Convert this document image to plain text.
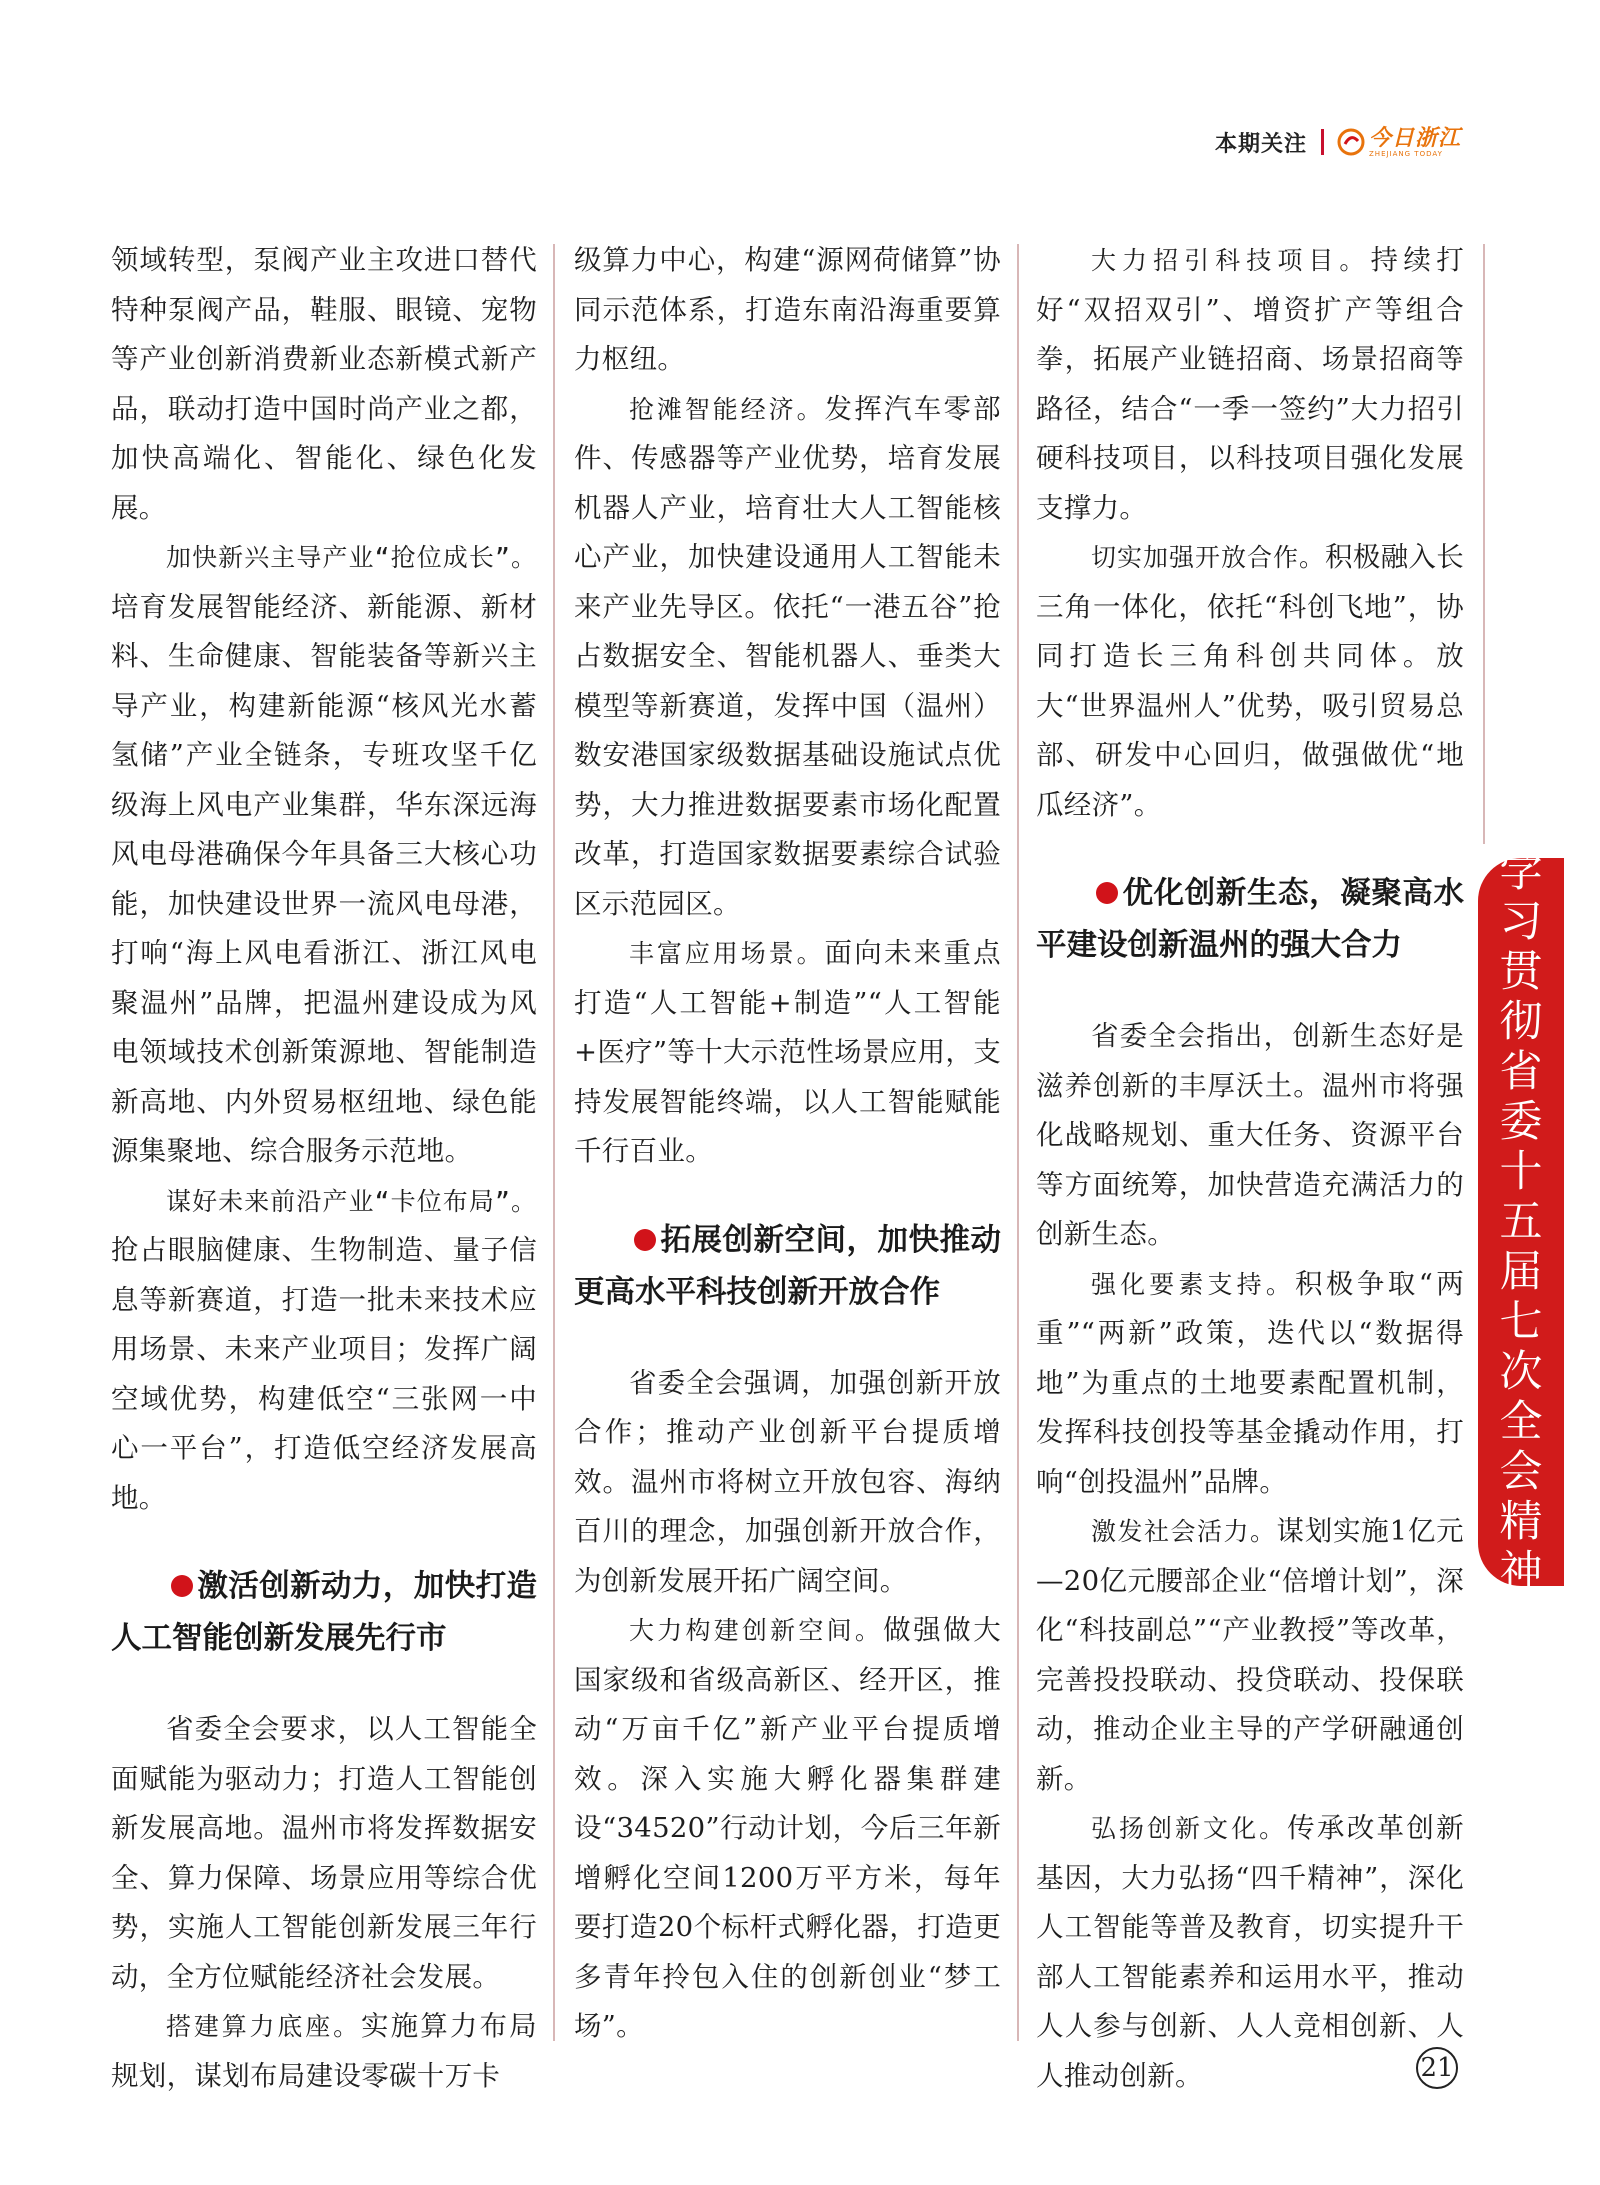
本期关注	今日浙江
ZHEJIANG TODAY

领域转型，泵阀产业主攻进口替代特种泵阀产品，鞋服、眼镜、宠物等产业创新消费新业态新模式新产品，联动打造中国时尚产业之都，加快高端化、智能化、绿色化发展。

加快新兴主导产业“抢位成长”。培育发展智能经济、新能源、新材料、生命健康、智能装备等新兴主导产业，构建新能源“核风光水蓄氢储”产业全链条，专班攻坚千亿级海上风电产业集群，华东深远海风电母港确保今年具备三大核心功能，加快建设世界一流风电母港，打响“海上风电看浙江、浙江风电聚温州”品牌，把温州建设成为风电领域技术创新策源地、智能制造新高地、内外贸易枢纽地、绿色能源集聚地、综合服务示范地。

谋好未来前沿产业“卡位布局”。抢占眼脑健康、生物制造、量子信息等新赛道，打造一批未来技术应用场景、未来产业项目；发挥广阔空域优势，构建低空“三张网一中心一平台”，打造低空经济发展高地。

激活创新动力，加快打造人工智能创新发展先行市

省委全会要求，以人工智能全面赋能为驱动力；打造人工智能创新发展高地。温州市将发挥数据安全、算力保障、场景应用等综合优势，实施人工智能创新发展三年行动，全方位赋能经济社会发展。

搭建算力底座。实施算力布局规划，谋划布局建设零碳十万卡

级算力中心，构建“源网荷储算”协同示范体系，打造东南沿海重要算力枢纽。

抢滩智能经济。发挥汽车零部件、传感器等产业优势，培育发展机器人产业，培育壮大人工智能核心产业，加快建设通用人工智能未来产业先导区。依托“一港五谷”抢占数据安全、智能机器人、垂类大模型等新赛道，发挥中国（温州）数安港国家级数据基础设施试点优势，大力推进数据要素市场化配置改革，打造国家数据要素综合试验区示范园区。

丰富应用场景。面向未来重点打造“人工智能+制造”“人工智能+医疗”等十大示范性场景应用，支持发展智能终端，以人工智能赋能千行百业。

拓展创新空间，加快推动更高水平科技创新开放合作

省委全会强调，加强创新开放合作；推动产业创新平台提质增效。温州市将树立开放包容、海纳百川的理念，加强创新开放合作，为创新发展开拓广阔空间。

大力构建创新空间。做强做大国家级和省级高新区、经开区，推动“万亩千亿”新产业平台提质增效。深入实施大孵化器集群建设“34520”行动计划，今后三年新增孵化空间1200万平方米，每年要打造20个标杆式孵化器，打造更多青年拎包入住的创新创业“梦工场”。

大力招引科技项目。持续打好“双招双引”、增资扩产等组合拳，拓展产业链招商、场景招商等路径，结合“一季一签约”大力招引硬科技项目，以科技项目强化发展支撑力。

切实加强开放合作。积极融入长三角一体化，依托“科创飞地”，协同打造长三角科创共同体。放大“世界温州人”优势，吸引贸易总部、研发中心回归，做强做优“地瓜经济”。

优化创新生态，凝聚高水平建设创新温州的强大合力

省委全会指出，创新生态好是滋养创新的丰厚沃土。温州市将强化战略规划、重大任务、资源平台等方面统筹，加快营造充满活力的创新生态。

强化要素支持。积极争取“两重”“两新”政策，迭代以“数据得地”为重点的土地要素配置机制，发挥科技创投等基金撬动作用，打响“创投温州”品牌。

激发社会活力。谋划实施1亿元—20亿元腰部企业“倍增计划”，深化“科技副总”“产业教授”等改革，完善投投联动、投贷联动、投保联动，推动企业主导的产学研融通创新。

弘扬创新文化。传承改革创新基因，大力弘扬“四千精神”，深化人工智能等普及教育，切实提升干部人工智能素养和运用水平，推动人人参与创新、人人竞相创新、人人推动创新。

学
习
贯
彻
省
委
十
五
届
七
次
全
会
精
神
21
